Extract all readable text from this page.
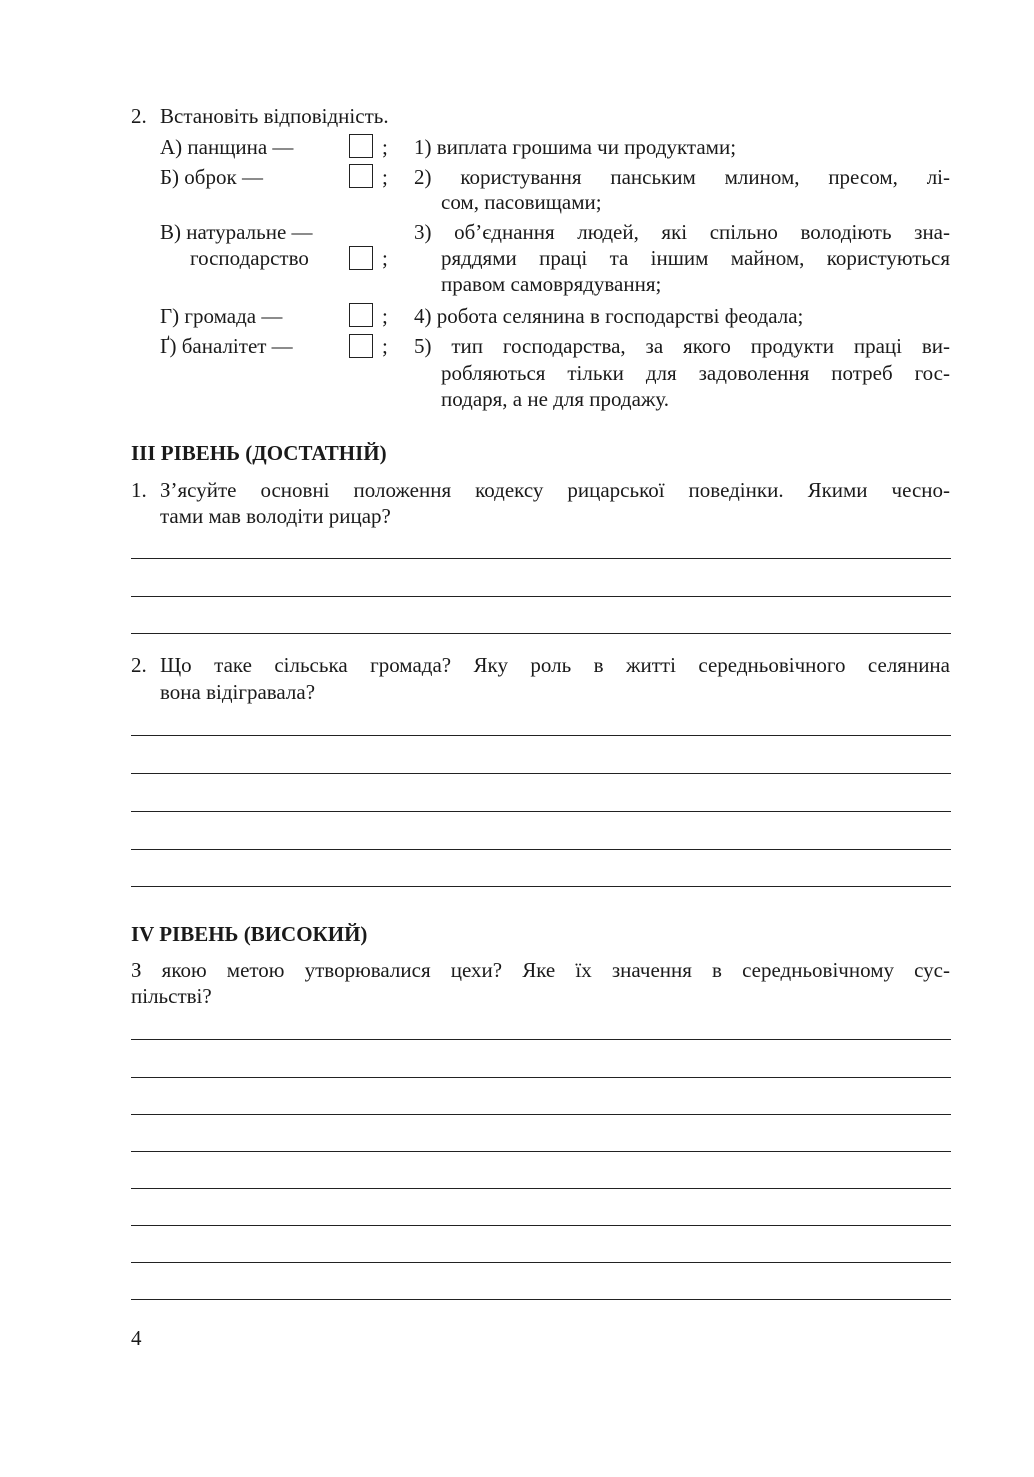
2. Встановіть відповідність.
А) панщина —
Б) оброк —
В) натуральне —
господарство
Г) громада —
Ґ) баналітет —
;
;
;
;
;
1) виплата грошима чи продуктами;
2) користування панським млином, пресом, лі-
сом, пасовищами;
3) об’єднання людей, які спільно володіють зна-
ряддями праці та іншим майном, користуються
правом самоврядування;
4) робота селянина в господарстві феодала;
5) тип господарства, за якого продукти праці ви-
робляються тільки для задоволення потреб гос-
подаря, а не для продажу.
ІІІ РІВЕНЬ (ДОСТАТНІЙ)
1. З’ясуйте основні положення кодексу рицарської поведінки. Якими чесно-
тами мав володіти рицар?
2. Що таке сільська громада? Яку роль в житті середньовічного селянина
вона відігравала?
ІV РІВЕНЬ (ВИСОКИЙ)
З якою метою утворювалися цехи? Яке їх значення в середньовічному сус-
пільстві?
4
